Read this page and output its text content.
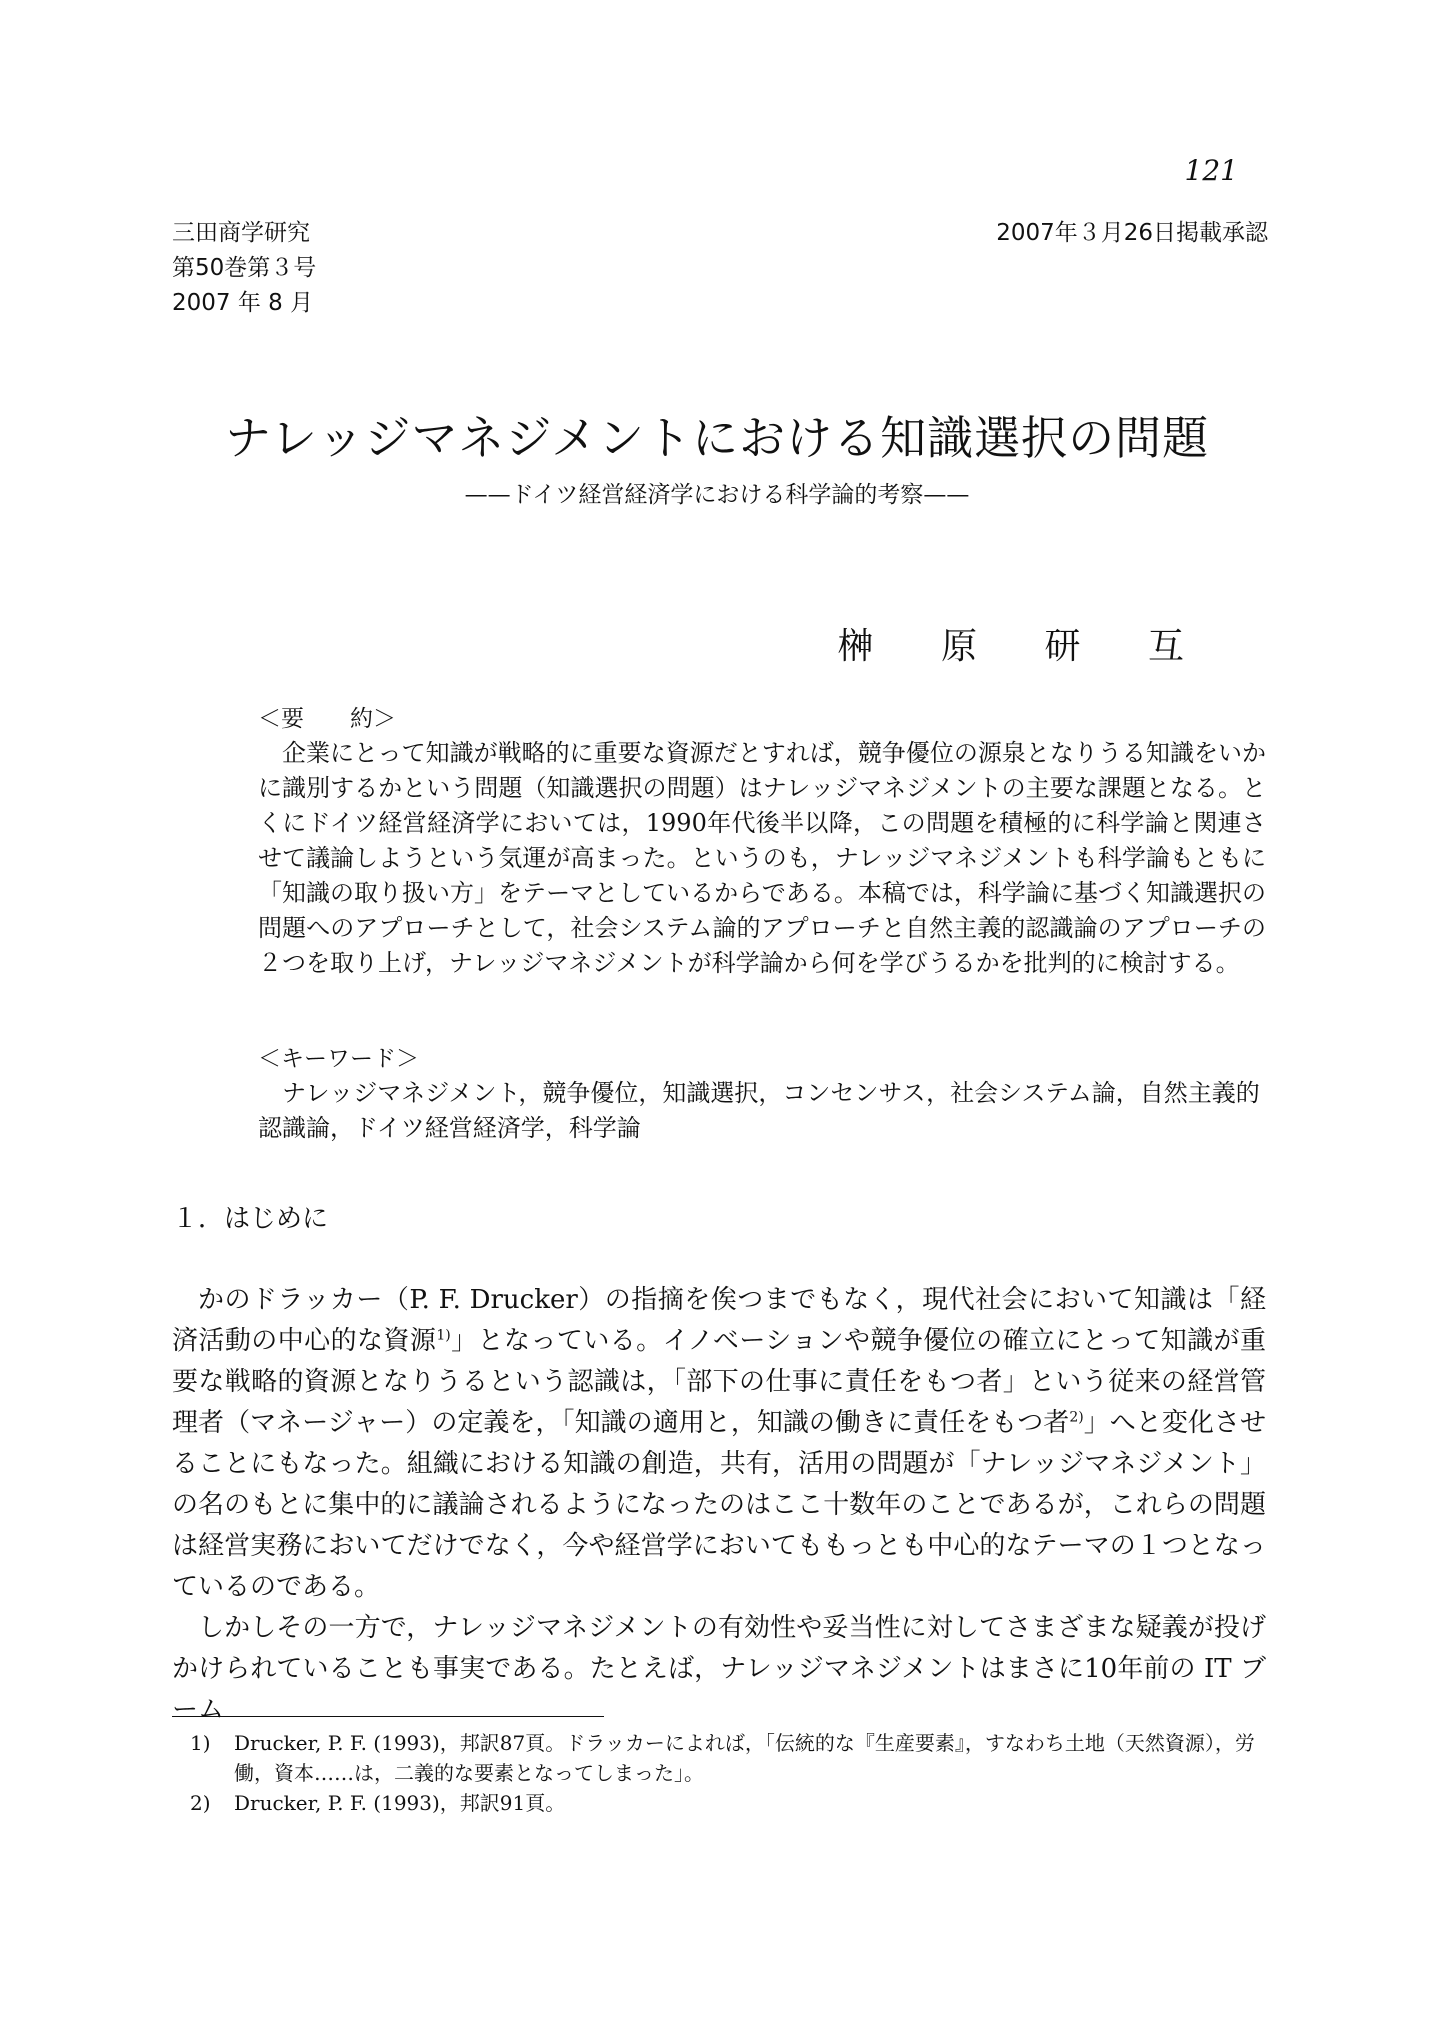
121
三田商学研究
第50巻第３号
2007 年 8 月
2007年３月26日掲載承認
ナレッジマネジメントにおける知識選択の問題
——ドイツ経営経済学における科学論的考察——
榊 原 研 互
＜要　　約＞

企業にとって知識が戦略的に重要な資源だとすれば，競争優位の源泉となりうる知識をいかに識別するかという問題（知識選択の問題）はナレッジマネジメントの主要な課題となる。とくにドイツ経営経済学においては，1990年代後半以降，この問題を積極的に科学論と関連させて議論しようという気運が高まった。というのも，ナレッジマネジメントも科学論もともに「知識の取り扱い方」をテーマとしているからである。本稿では，科学論に基づく知識選択の問題へのアプローチとして，社会システム論的アプローチと自然主義的認識論のアプローチの２つを取り上げ，ナレッジマネジメントが科学論から何を学びうるかを批判的に検討する。

＜キーワード＞

ナレッジマネジメント，競争優位，知識選択，コンセンサス，社会システム論，自然主義的認識論，ドイツ経営経済学，科学論

１．はじめに

かのドラッカー（P. F. Drucker）の指摘を俟つまでもなく，現代社会において知識は「経済活動の中心的な資源$^{1)}$」となっている。イノベーションや競争優位の確立にとって知識が重要な戦略的資源となりうるという認識は，「部下の仕事に責任をもつ者」という従来の経営管理者（マネージャー）の定義を，「知識の適用と，知識の働きに責任をもつ者$^{2)}$」へと変化させることにもなった。組織における知識の創造，共有，活用の問題が「ナレッジマネジメント」の名のもとに集中的に議論されるようになったのはここ十数年のことであるが，これらの問題は経営実務においてだけでなく，今や経営学においてももっとも中心的なテーマの１つとなっているのである。

しかしその一方で，ナレッジマネジメントの有効性や妥当性に対してさまざまな疑義が投げかけられていることも事実である。たとえば，ナレッジマネジメントはまさに10年前の IT ブーム

1) Drucker, P. F. (1993)，邦訳87頁。ドラッカーによれば，「伝統的な『生産要素』，すなわち土地（天然資源），労働，資本……は，二義的な要素となってしまった」。
2) Drucker, P. F. (1993)，邦訳91頁。
